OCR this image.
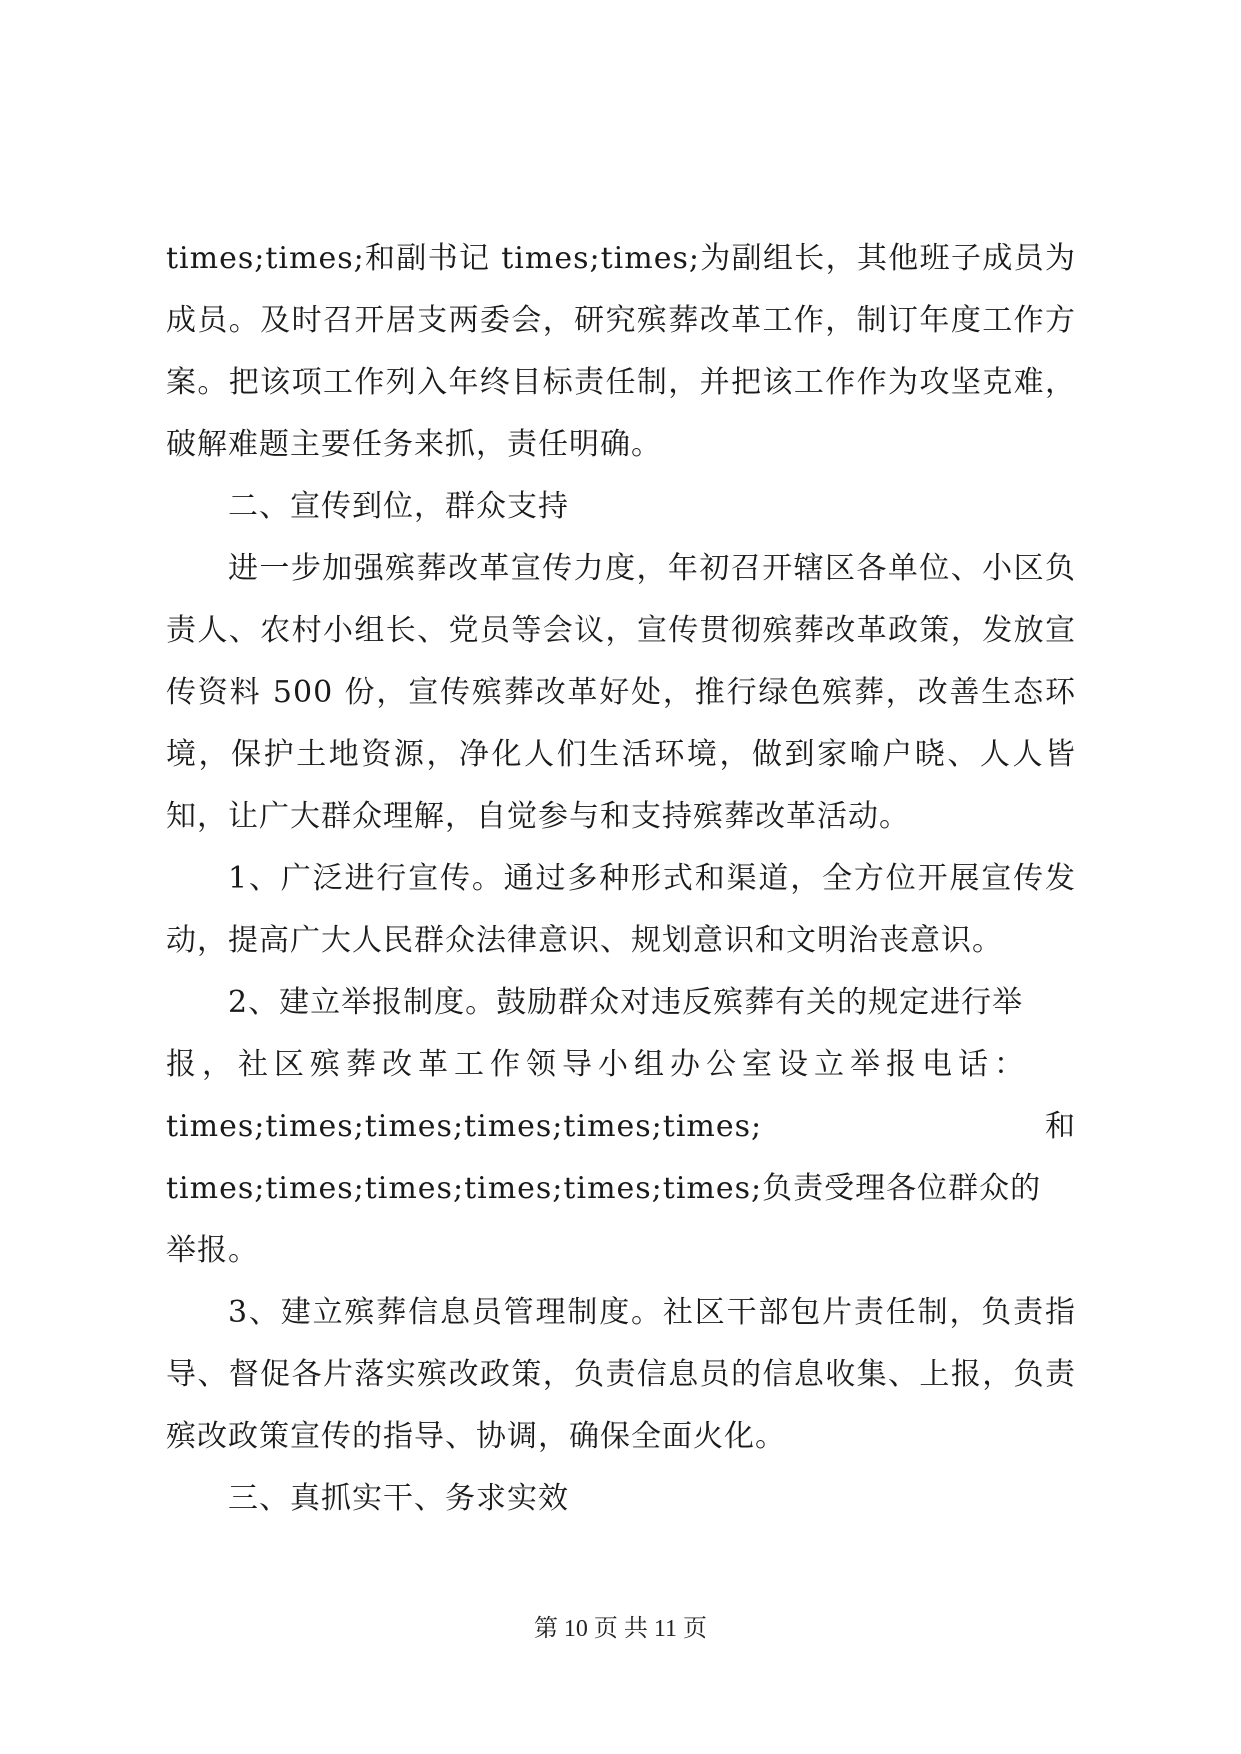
times;times;和副书记 times;times;为副组长，其他班子成员为成员。及时召开居支两委会，研究殡葬改革工作，制订年度工作方案。把该项工作列入年终目标责任制，并把该工作作为攻坚克难，破解难题主要任务来抓，责任明确。

二、宣传到位，群众支持

进一步加强殡葬改革宣传力度，年初召开辖区各单位、小区负责人、农村小组长、党员等会议，宣传贯彻殡葬改革政策，发放宣传资料 500 份，宣传殡葬改革好处，推行绿色殡葬，改善生态环境，保护土地资源，净化人们生活环境，做到家喻户晓、人人皆知，让广大群众理解，自觉参与和支持殡葬改革活动。

1、广泛进行宣传。通过多种形式和渠道，全方位开展宣传发动，提高广大人民群众法律意识、规划意识和文明治丧意识。

2、建立举报制度。鼓励群众对违反殡葬有关的规定进行举

报，社区殡葬改革工作领导小组办公室设立举报电话：

times;times;times;times;times;times;	和

times;times;times;times;times;times;负责受理各位群众的

举报。

3、建立殡葬信息员管理制度。社区干部包片责任制，负责指导、督促各片落实殡改政策，负责信息员的信息收集、上报，负责殡改政策宣传的指导、协调，确保全面火化。

三、真抓实干、务求实效

第 10 页 共 11 页
